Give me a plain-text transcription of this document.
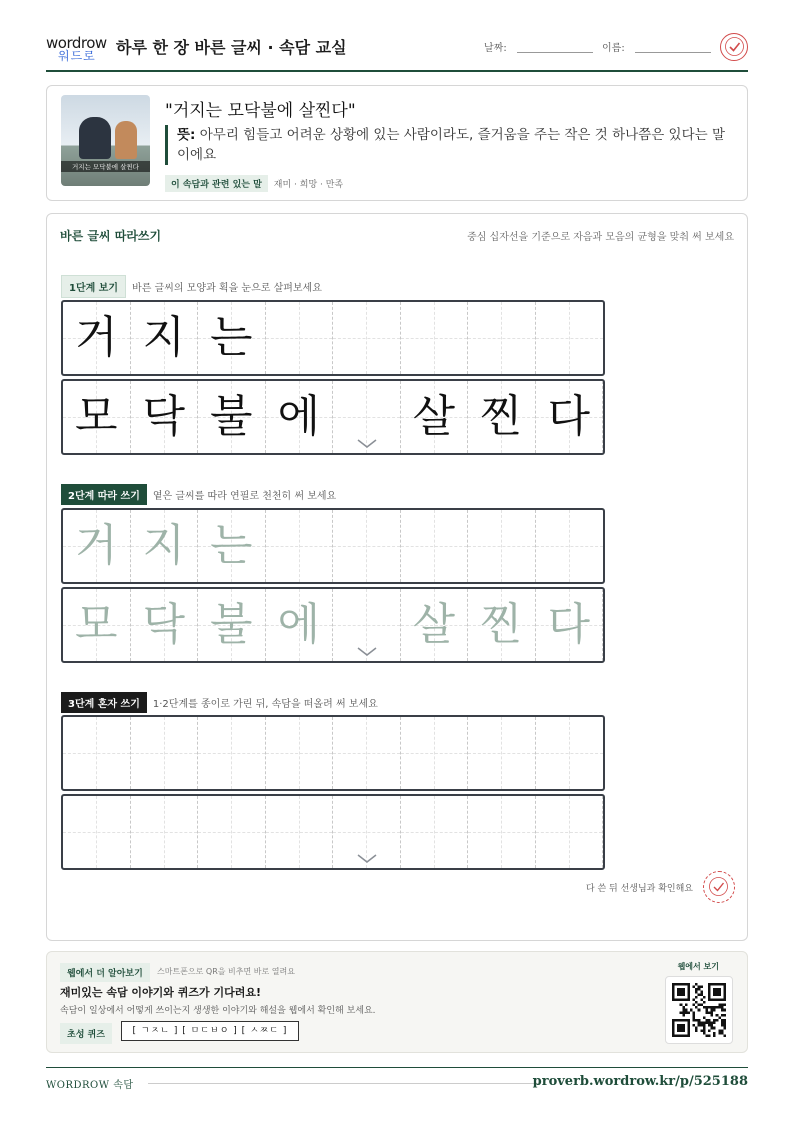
wordrow
워드로 하루 한 장 바른 글씨 · 속담 교실	날짜:	이름:
거지는 모닥불에 살찐다
"거지는 모닥불에 살찐다"
뜻: 아무리 힘들고 어려운 상황에 있는 사람이라도, 즐거움을 주는 작은 것 하나쯤은 있다는 말이에요
이 속담과 관련 있는 말 재미 · 희망 · 만족
바른 글씨 따라쓰기	중심 십자선을 기준으로 자음과 모음의 균형을 맞춰 써 보세요
1단계 보기 바른 글씨의 모양과 획을 눈으로 살펴보세요
거 지 는
모 닥 불 에 살 찐 다
2단계 따라 쓰기 옅은 글씨를 따라 연필로 천천히 써 보세요
거 지 는
모 닥 불 에 살 찐 다
3단계 혼자 쓰기 1·2단계를 종이로 가린 뒤, 속담을 떠올려 써 보세요
다 쓴 뒤 선생님과 확인해요
웹에서 더 알아보기	스마트폰으로 QR을 비추면 바로 열려요
재미있는 속담 이야기와 퀴즈가 기다려요!
속담이 일상에서 어떻게 쓰이는지 생생한 이야기와 해설을 웹에서 확인해 보세요.
초성 퀴즈	[ ㄱㅈㄴ ] [ ㅁㄷㅂㅇ ] [ ㅅㅉㄷ ]
웹에서 보기
WORDROW 속담	proverb.wordrow.kr/p/525188
